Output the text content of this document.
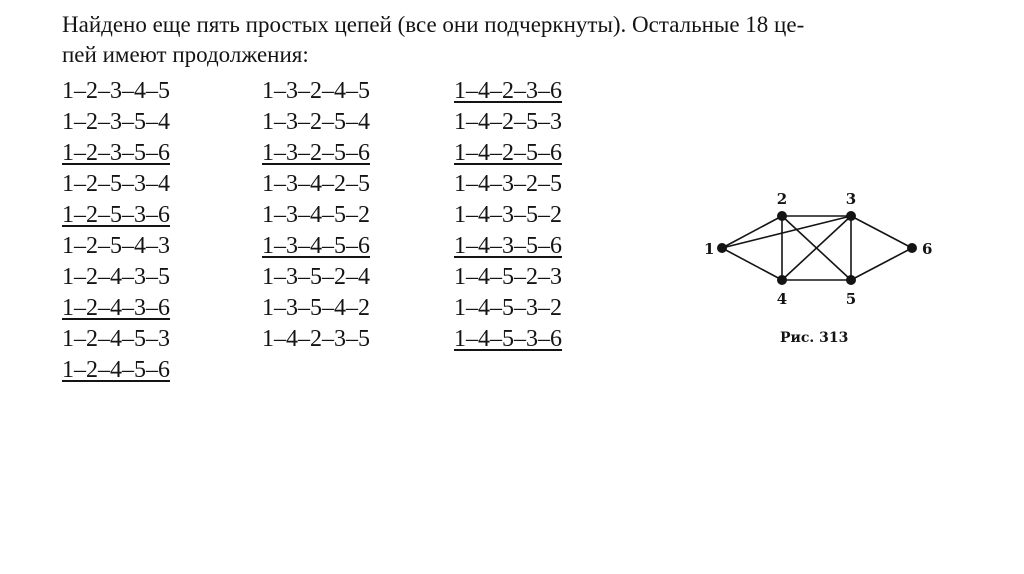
Найдено еще пять простых цепей (все они подчеркнуты). Остальные 18 це-
пей имеют продолжения:

1–2–3–4–5
1–2–3–5–4
1–2–3–5–6
1–2–5–3–4
1–2–5–3–6
1–2–5–4–3
1–2–4–3–5
1–2–4–3–6
1–2–4–5–3
1–2–4–5–6
1–3–2–4–5
1–3–2–5–4
1–3–2–5–6
1–3–4–2–5
1–3–4–5–2
1–3–4–5–6
1–3–5–2–4
1–3–5–4–2
1–4–2–3–5
1–4–2–3–6
1–4–2–5–3
1–4–2–5–6
1–4–3–2–5
1–4–3–5–2
1–4–3–5–6
1–4–5–2–3
1–4–5–3–2
1–4–5–3–6
1
2	3
4	5
6
Рис. 313
